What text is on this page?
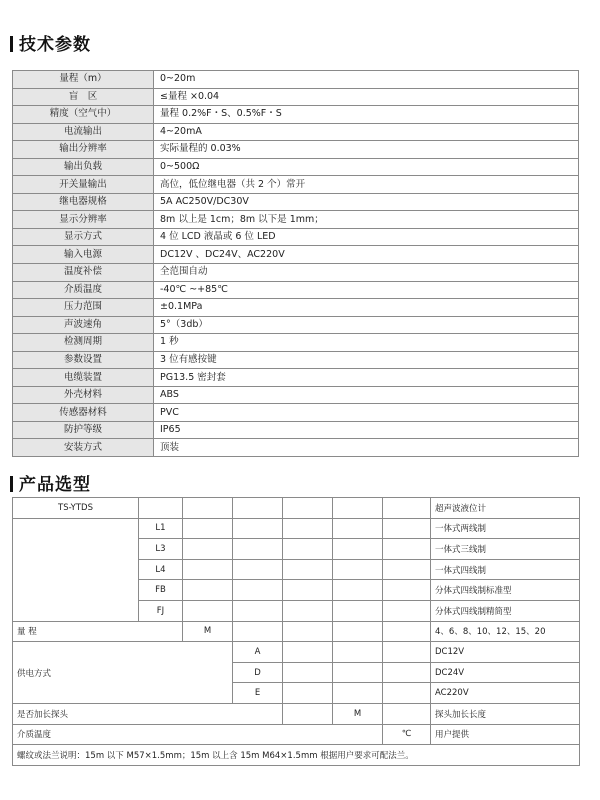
技术参数
量程（m）	0~20m
盲　区	≤量程 ×0.04
精度（空气中）	量程 0.2%F・S、0.5%F・S
电流输出	4~20mA
输出分辨率	实际量程的 0.03%
输出负载	0~500Ω
开关量输出	高位，低位继电器（共 2 个）常开
继电器规格	5A AC250V/DC30V
显示分辨率	8m 以上是 1cm；8m 以下是 1mm；
显示方式	4 位 LCD 液晶或 6 位 LED
输入电源	DC12V 、DC24V、AC220V
温度补偿	全范围自动
介质温度	-40℃ ~+85℃
压力范围	±0.1MPa
声波速角	5°（3db）
检测周期	1 秒
参数设置	3 位有感按键
电缆装置	PG13.5 密封套
外壳材料	ABS
传感器材料	PVC
防护等级	IP65
安装方式	顶装
产品选型
TS-YTDS							超声波液位计
	L1						一体式两线制
	L3						一体式三线制
	L4						一体式四线制
	FB						分体式四线制标准型
	FJ						分体式四线制精简型
量 程		M					4、6、8、10、12、15、20
供电方式			A				DC12V
			D				DC24V
			E				AC220V
是否加长探头					M		探头加长长度
介质温度						℃	用户提供
螺纹或法兰说明：15m 以下 M57×1.5mm；15m 以上含 15m M64×1.5mm 根据用户要求可配法兰。							
